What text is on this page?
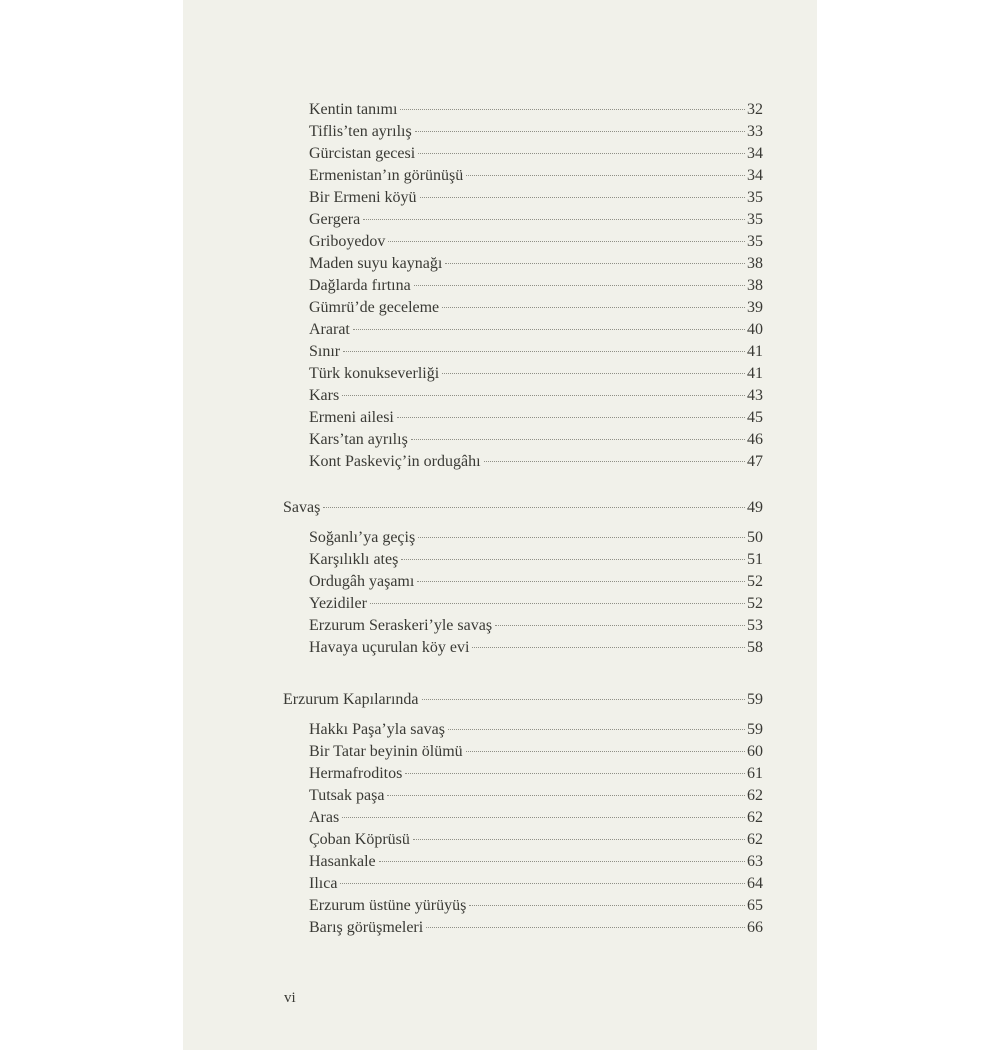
Kentin tanımı	32
Tiflis’ten ayrılış	33
Gürcistan gecesi	34
Ermenistan’ın görünüşü	34
Bir Ermeni köyü	35
Gergera	35
Griboyedov	35
Maden suyu kaynağı	38
Dağlarda fırtına	38
Gümrü’de geceleme	39
Ararat	40
Sınır	41
Türk konukseverliği	41
Kars	43
Ermeni ailesi	45
Kars’tan ayrılış	46
Kont Paskeviç’in ordugâhı	47
Savaş	49
Soğanlı’ya geçiş	50
Karşılıklı ateş	51
Ordugâh yaşamı	52
Yezidiler	52
Erzurum Seraskeri’yle savaş	53
Havaya uçurulan köy evi	58
Erzurum Kapılarında	59
Hakkı Paşa’yla savaş	59
Bir Tatar beyinin ölümü	60
Hermafroditos	61
Tutsak paşa	62
Aras	62
Çoban Köprüsü	62
Hasankale	63
Ilıca	64
Erzurum üstüne yürüyüş	65
Barış görüşmeleri	66
vi
